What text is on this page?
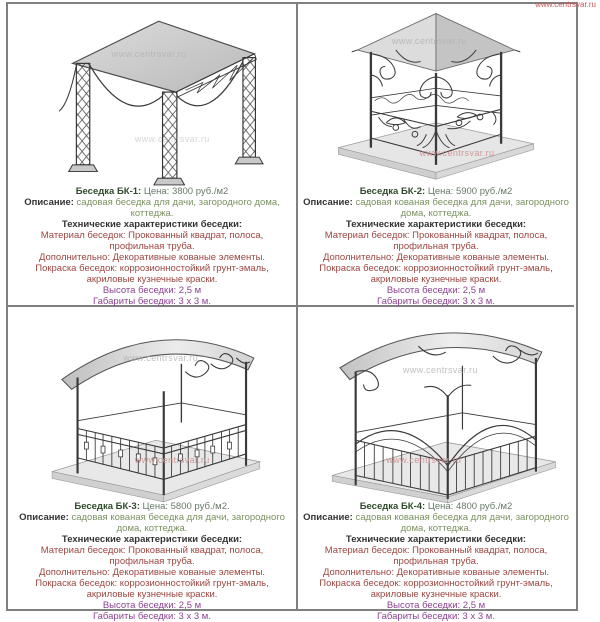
www.centrsvar.ru
www.centrsvar.ru
www.centrsvar.ru
Беседка БК-1: Цена: 3800 руб./м2
Описание: садовая беседка для дачи, загородного дома, коттеджа.
Технические характеристики беседки:
Материал беседок: Прокованный квадрат, полоса, профильная труба.
Дополнительно: Декоративные кованые элементы.
Покраска беседок: коррозионностойкий грунт-эмаль, акриловые кузнечные краски.
Высота беседки: 2,5 м
Габариты беседки: 3 х 3 м.
www.centrsvar.ru
www.centrsvar.ru
Беседка БК-2: Цена: 5900 руб./м2
Описание: садовая кованая беседка для дачи, загородного дома, коттеджа.
Технические характеристики беседки:
Материал беседок: Прокованный квадрат, полоса, профильная труба.
Дополнительно: Декоративные кованые элементы.
Покраска беседок: коррозионностойкий грунт-эмаль, акриловые кузнечные краски.
Высота беседки: 2,5 м
Габариты беседки: 3 х 3 м.
www.centrsvar.ru
www.centrsvar.ru
Беседка БК-3: Цена: 5800 руб./м2.
Описание: садовая кованая беседка для дачи, загородного дома, коттеджа.
Технические характеристики беседки:
Материал беседок: Прокованный квадрат, полоса, профильная труба.
Дополнительно: Декоративные кованые элементы.
Покраска беседок: коррозионностойкий грунт-эмаль, акриловые кузнечные краски.
Высота беседки: 2,5 м
Габариты беседки: 3 х 3 м.
www.centrsvar.ru
www.centrsvar.ru
Беседка БК-4: Цена: 4800 руб./м2
Описание: садовая кованая беседка для дачи, загородного дома, коттеджа.
Технические характеристики беседки:
Материал беседок: Прокованный квадрат, полоса, профильная труба.
Дополнительно: Декоративные кованые элементы.
Покраска беседок: коррозионностойкий грунт-эмаль, акриловые кузнечные краски.
Высота беседки: 2,5 м
Габариты беседки: 3 х 3 м.
